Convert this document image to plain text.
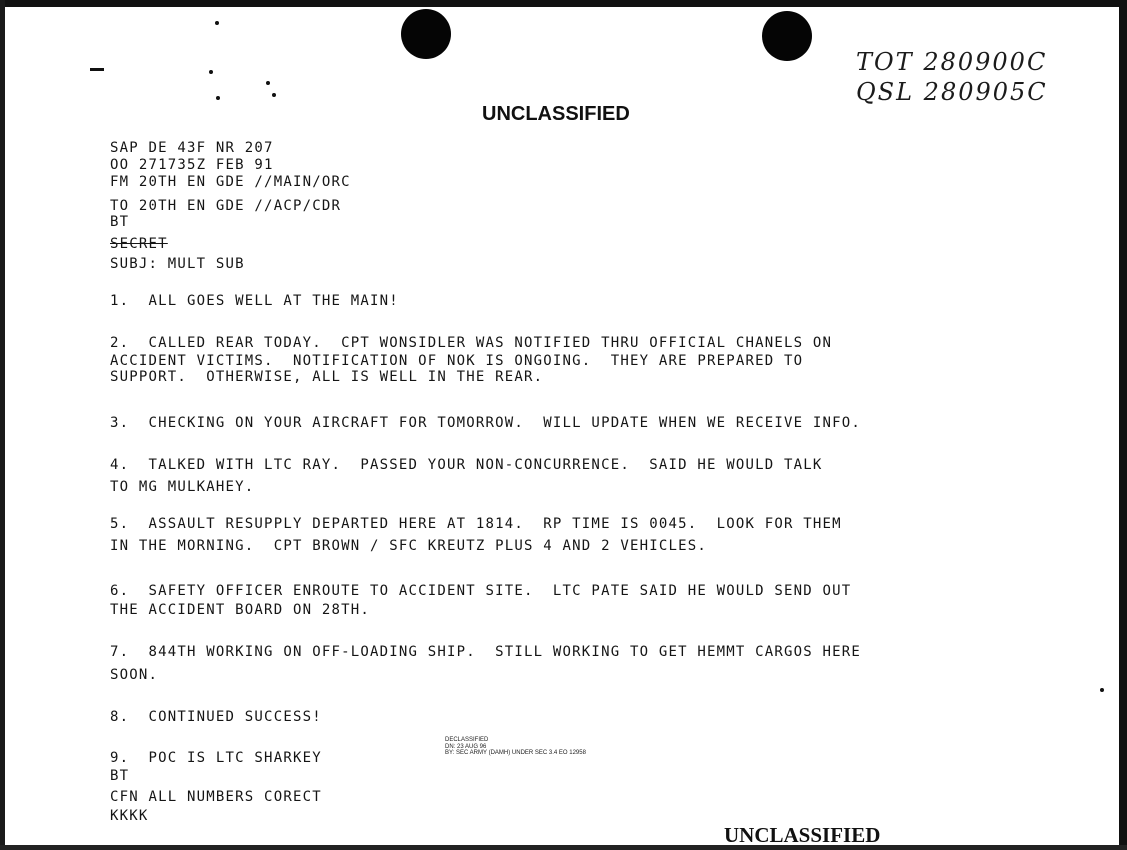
TOT 280900C
QSL 280905C
UNCLASSIFIED
UNCLASSIFIED
SAP DE 43F NR 207
OO 271735Z FEB 91
FM 20TH EN GDE //MAIN/ORC
TO 20TH EN GDE //ACP/CDR
BT
SECRET
SUBJ: MULT SUB
1.  ALL GOES WELL AT THE MAIN!
2.  CALLED REAR TODAY.  CPT WONSIDLER WAS NOTIFIED THRU OFFICIAL CHANELS ON
ACCIDENT VICTIMS.  NOTIFICATION OF NOK IS ONGOING.  THEY ARE PREPARED TO
SUPPORT.  OTHERWISE, ALL IS WELL IN THE REAR.
3.  CHECKING ON YOUR AIRCRAFT FOR TOMORROW.  WILL UPDATE WHEN WE RECEIVE INFO.
4.  TALKED WITH LTC RAY.  PASSED YOUR NON-CONCURRENCE.  SAID HE WOULD TALK
TO MG MULKAHEY.
5.  ASSAULT RESUPPLY DEPARTED HERE AT 1814.  RP TIME IS 0045.  LOOK FOR THEM
IN THE MORNING.  CPT BROWN / SFC KREUTZ PLUS 4 AND 2 VEHICLES.
6.  SAFETY OFFICER ENROUTE TO ACCIDENT SITE.  LTC PATE SAID HE WOULD SEND OUT
THE ACCIDENT BOARD ON 28TH.
7.  844TH WORKING ON OFF-LOADING SHIP.  STILL WORKING TO GET HEMMT CARGOS HERE
SOON.
8.  CONTINUED SUCCESS!
9.  POC IS LTC SHARKEY
BT
CFN ALL NUMBERS CORECT
KKKK
DECLASSIFIED
DN: 23 AUG 96
BY: SEC ARMY (DAMH) UNDER SEC 3.4 EO 12958
